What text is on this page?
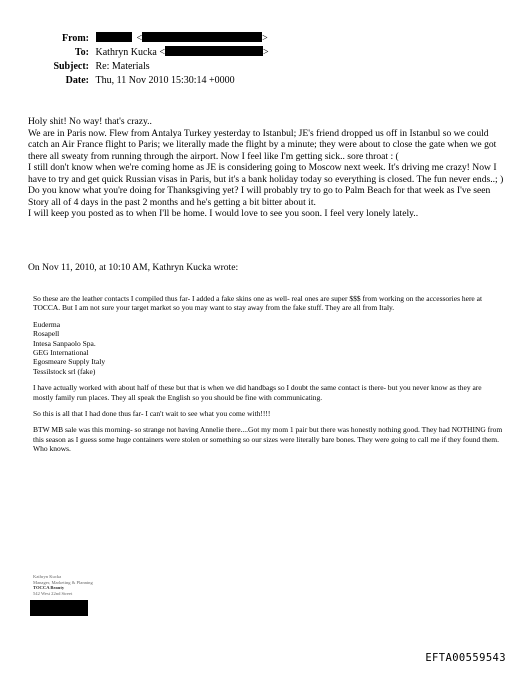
From:	<	>
To: Kathryn Kucka <	>
Subject: Re: Materials
Date: Thu, 11 Nov 2010 15:30:14 +0000

Holy shit! No way! that's crazy..

We are in Paris now. Flew from Antalya Turkey yesterday to Istanbul; JE's friend dropped us off in Istanbul so we could catch an Air France flight to Paris; we literally made the flight by a minute; they were about to close the gate when we got there all sweaty from running through the airport. Now I feel like I'm getting sick.. sore throat : (

I still don't know when we're coming home as JE is considering going to Moscow next week. It's driving me crazy! Now I have to try and get quick Russian visas in Paris, but it's a bank holiday today so everything is closed. The fun never ends..; )

Do you know what you're doing for Thanksgiving yet? I will probably try to go to Palm Beach for that week as I've seen Story all of 4 days in the past 2 months and he's getting a bit bitter about it.

I will keep you posted as to when I'll be home. I would love to see you soon. I feel very lonely lately..

On Nov 11, 2010, at 10:10 AM, Kathryn Kucka wrote:

So these are the leather contacts I compiled thus far- I added a fake skins one as well- real ones are super $$$ from working on the accessories here at TOCCA. But I am not sure your target market so you may want to stay away from the fake stuff. They are all from Italy.

Euderma

Rosapell

Intesa Sanpaolo Spa.

GEG International

Egosmeare Supply Italy

Tessilstock srl (fake)

I have actually worked with about half of these but that is when we did handbags so I doubt the same contact is there- but you never know as they are mostly family run places. They all speak the English so you should be fine with communicating.

So this is all that I had done thus far- I can't wait to see what you come with!!!!

BTW MB sale was this morning- so strange not having Annelie there....Got my mom 1 pair but there was honestly nothing good. They had NOTHING from this season as I guess some huge containers were stolen or something so our sizes were literally bare bones. They were going to call me if they found them. Who knows.

Kathryn Kucka
Manager, Marketing & Planning
TOCCA Beauty
542 West 22nd Street
EFTA00559543
